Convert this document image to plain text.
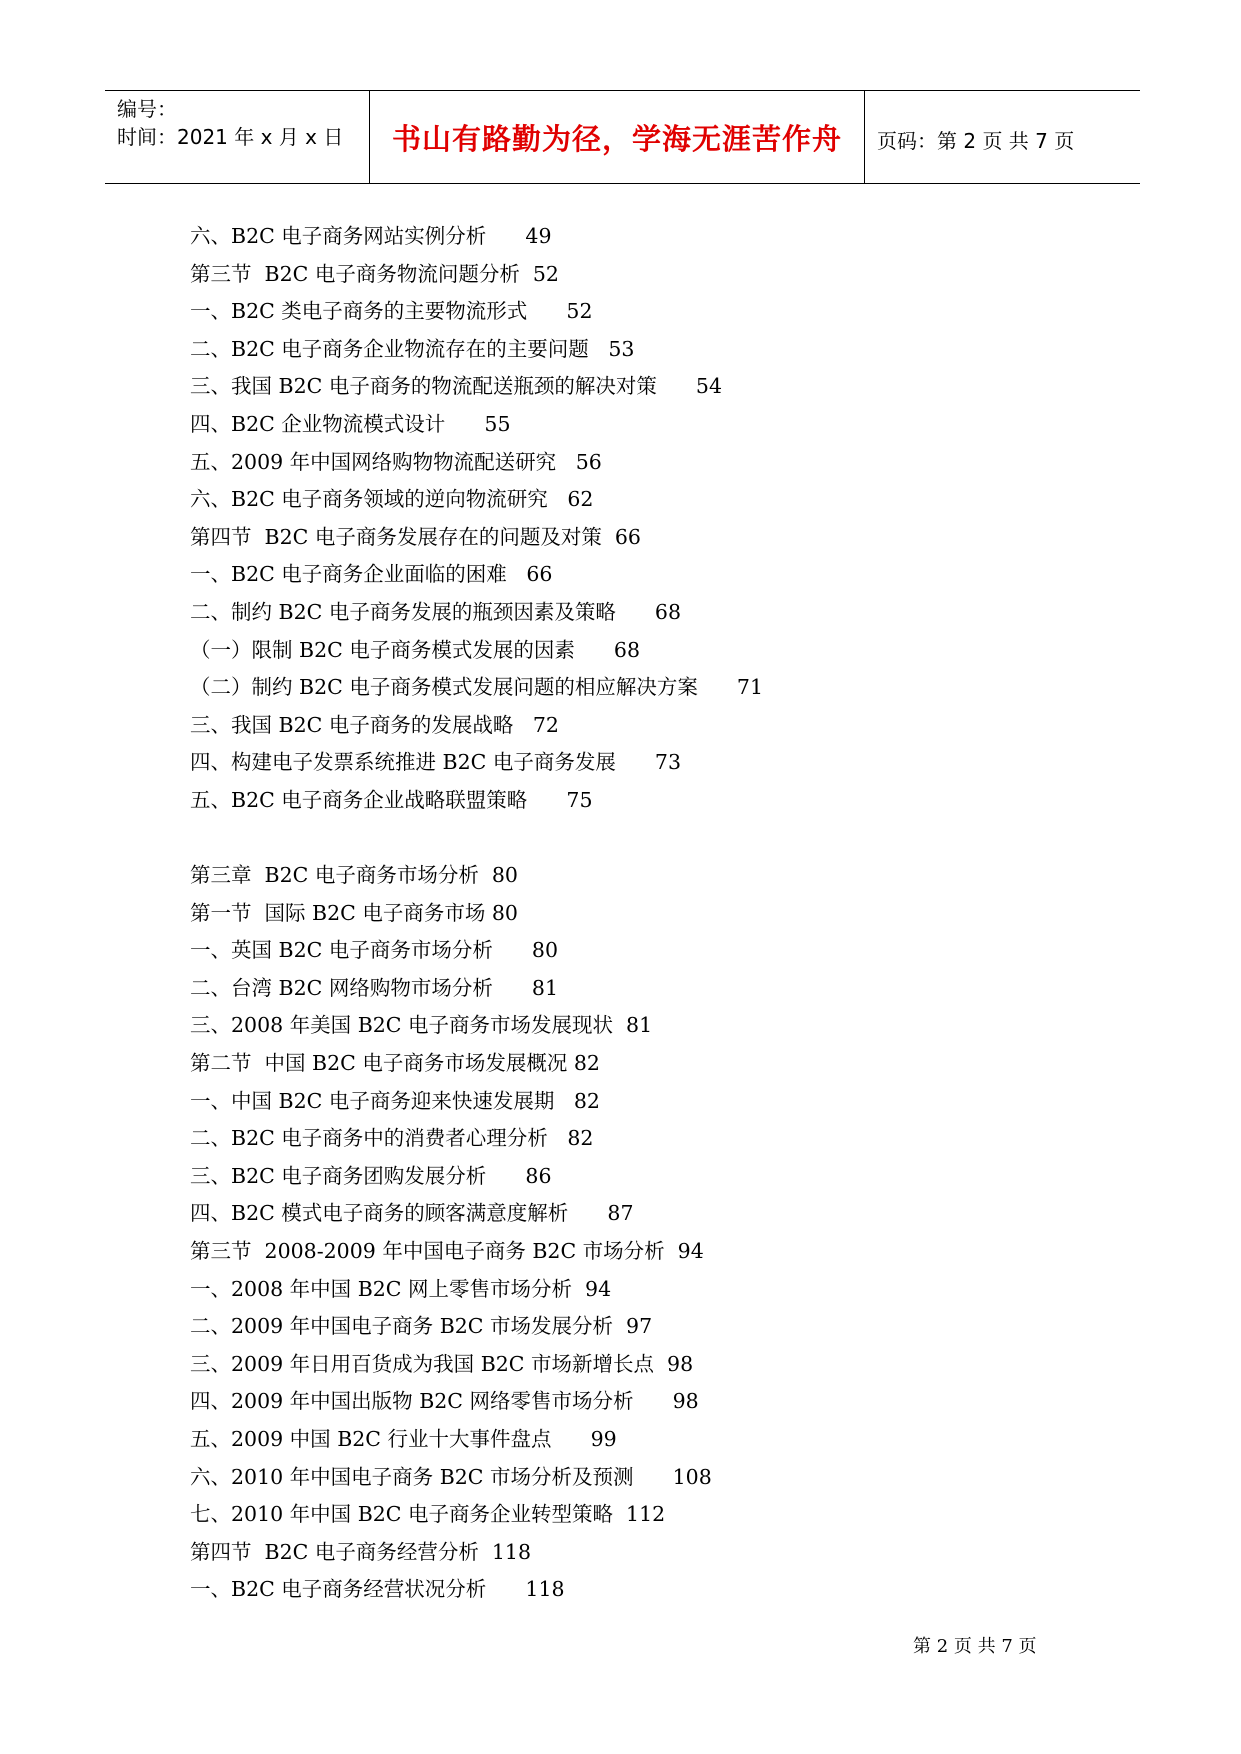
编号：
时间：2021 年 x 月 x 日	书山有路勤为径，学海无涯苦作舟	页码：第 2 页 共 7 页
六、B2C 电子商务网站实例分析      49
第三节  B2C 电子商务物流问题分析  52
一、B2C 类电子商务的主要物流形式      52
二、B2C 电子商务企业物流存在的主要问题   53
三、我国 B2C 电子商务的物流配送瓶颈的解决对策      54
四、B2C 企业物流模式设计      55
五、2009 年中国网络购物物流配送研究   56
六、B2C 电子商务领域的逆向物流研究   62
第四节  B2C 电子商务发展存在的问题及对策  66
一、B2C 电子商务企业面临的困难   66
二、制约 B2C 电子商务发展的瓶颈因素及策略      68
（一）限制 B2C 电子商务模式发展的因素      68
（二）制约 B2C 电子商务模式发展问题的相应解决方案      71
三、我国 B2C 电子商务的发展战略   72
四、构建电子发票系统推进 B2C 电子商务发展      73
五、B2C 电子商务企业战略联盟策略      75
第三章  B2C 电子商务市场分析  80
第一节  国际 B2C 电子商务市场 80
一、英国 B2C 电子商务市场分析      80
二、台湾 B2C 网络购物市场分析      81
三、2008 年美国 B2C 电子商务市场发展现状  81
第二节  中国 B2C 电子商务市场发展概况 82
一、中国 B2C 电子商务迎来快速发展期   82
二、B2C 电子商务中的消费者心理分析   82
三、B2C 电子商务团购发展分析      86
四、B2C 模式电子商务的顾客满意度解析      87
第三节  2008-2009 年中国电子商务 B2C 市场分析  94
一、2008 年中国 B2C 网上零售市场分析  94
二、2009 年中国电子商务 B2C 市场发展分析  97
三、2009 年日用百货成为我国 B2C 市场新增长点  98
四、2009 年中国出版物 B2C 网络零售市场分析      98
五、2009 中国 B2C 行业十大事件盘点      99
六、2010 年中国电子商务 B2C 市场分析及预测      108
七、2010 年中国 B2C 电子商务企业转型策略  112
第四节  B2C 电子商务经营分析  118
一、B2C 电子商务经营状况分析      118
第 2 页 共 7 页
